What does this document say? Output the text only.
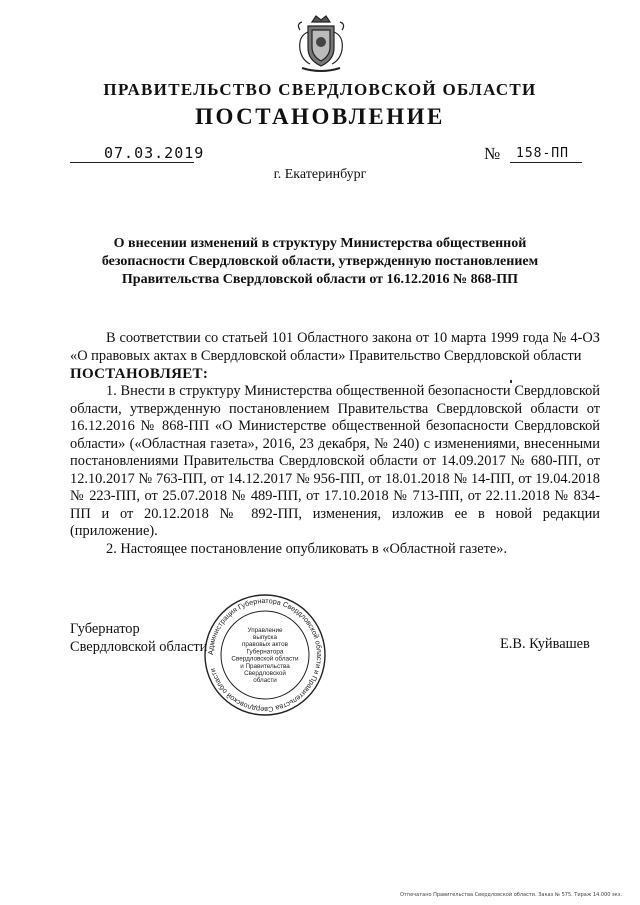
ПРАВИТЕЛЬСТВО СВЕРДЛОВСКОЙ ОБЛАСТИ
ПОСТАНОВЛЕНИЕ
07.03.2019	№ 158-ПП
г. Екатеринбург
О внесении изменений в структуру Министерства общественной
безопасности Свердловской области, утвержденную постановлением
Правительства Свердловской области от 16.12.2016 № 868-ПП

В соответствии со статьей 101 Областного закона от 10 марта 1999 года № 4-ОЗ «О правовых актах в Свердловской области» Правительство Свердловской области

ПОСТАНОВЛЯЕТ:

1. Внести в структуру Министерства общественной безопасности Свердловской области, утвержденную постановлением Правительства Свердловской области от 16.12.2016 № 868-ПП «О Министерстве общественной безопасности Свердловской области» («Областная газета», 2016, 23 декабря, № 240) с изменениями, внесенными постановлениями Правительства Свердловской области от 14.09.2017 № 680-ПП, от 12.10.2017 № 763-ПП, от 14.12.2017 № 956-ПП, от 18.01.2018 № 14-ПП, от 19.04.2018 № 223-ПП, от 25.07.2018 № 489-ПП, от 17.10.2018 № 713-ПП, от 22.11.2018 № 834-ПП и от 20.12.2018 № 892-ПП, изменения, изложив ее в новой редакции (приложение).

2. Настоящее постановление опубликовать в «Областной газете».

Губернатор
Свердловской области	Е.В. Куйвашев
Администрация Губернатора Свердловской области и Правительства Свердловской области
Управление
выпуска
правовых актов
Губернатора
Свердловской области
и Правительства
Свердловской
области
Отпечатано Правительства Свердловской области. Заказ № 575. Тираж 14.000 экз.
